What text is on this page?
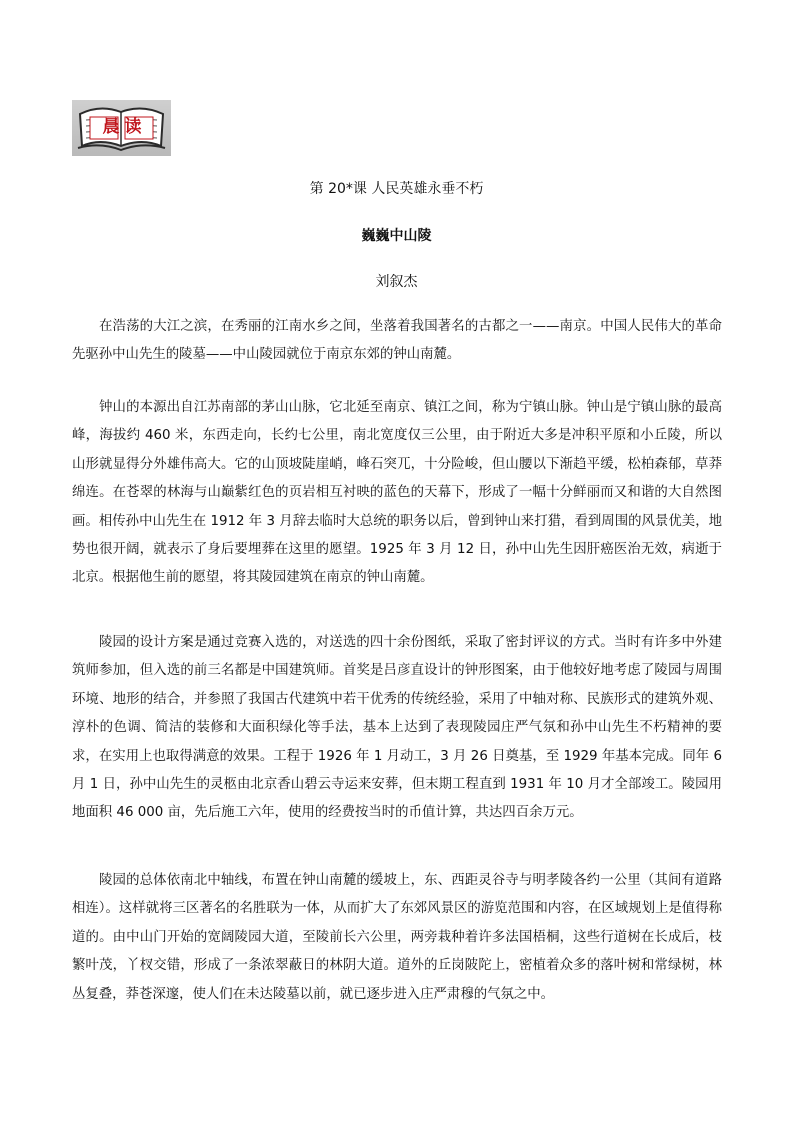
晨 读
第 20*课 人民英雄永垂不朽
巍巍中山陵
刘叙杰

在浩荡的大江之滨，在秀丽的江南水乡之间，坐落着我国著名的古都之一——南京。中国人民伟大的革命先驱孙中山先生的陵墓——中山陵园就位于南京东郊的钟山南麓。

钟山的本源出自江苏南部的茅山山脉，它北延至南京、镇江之间，称为宁镇山脉。钟山是宁镇山脉的最高峰，海拔约 460 米，东西走向，长约七公里，南北宽度仅三公里，由于附近大多是冲积平原和小丘陵，所以山形就显得分外雄伟高大。它的山顶坡陡崖峭，峰石突兀，十分险峻，但山腰以下渐趋平缓，松柏森郁，草莽绵连。在苍翠的林海与山巅紫红色的页岩相互衬映的蓝色的天幕下，形成了一幅十分鲜丽而又和谐的大自然图画。相传孙中山先生在 1912 年 3 月辞去临时大总统的职务以后，曾到钟山来打猎，看到周围的风景优美，地势也很开阔，就表示了身后要埋葬在这里的愿望。1925 年 3 月 12 日，孙中山先生因肝癌医治无效，病逝于北京。根据他生前的愿望，将其陵园建筑在南京的钟山南麓。

陵园的设计方案是通过竞赛入选的，对送选的四十余份图纸，采取了密封评议的方式。当时有许多中外建筑师参加，但入选的前三名都是中国建筑师。首奖是吕彦直设计的钟形图案，由于他较好地考虑了陵园与周围环境、地形的结合，并参照了我国古代建筑中若干优秀的传统经验，采用了中轴对称、民族形式的建筑外观、淳朴的色调、简洁的装修和大面积绿化等手法，基本上达到了表现陵园庄严气氛和孙中山先生不朽精神的要求，在实用上也取得满意的效果。工程于 1926 年 1 月动工，3 月 26 日奠基，至 1929 年基本完成。同年 6 月 1 日，孙中山先生的灵柩由北京香山碧云寺运来安葬，但末期工程直到 1931 年 10 月才全部竣工。陵园用地面积 46 000 亩，先后施工六年，使用的经费按当时的币值计算，共达四百余万元。

陵园的总体依南北中轴线，布置在钟山南麓的缓坡上，东、西距灵谷寺与明孝陵各约一公里（其间有道路相连）。这样就将三区著名的名胜联为一体，从而扩大了东郊风景区的游览范围和内容，在区域规划上是值得称道的。由中山门开始的宽阔陵园大道，至陵前长六公里，两旁栽种着许多法国梧桐，这些行道树在长成后，枝繁叶茂，丫杈交错，形成了一条浓翠蔽日的林阴大道。道外的丘岗陂陀上，密植着众多的落叶树和常绿树，林丛复叠，莽苍深邃，使人们在未达陵墓以前，就已逐步进入庄严肃穆的气氛之中。
